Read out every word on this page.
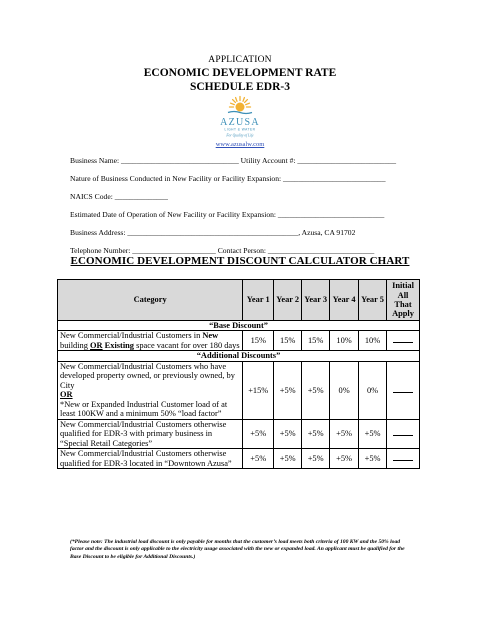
APPLICATION
ECONOMIC DEVELOPMENT RATE
SCHEDULE EDR-3
AZUSA
LIGHT & WATER
For Quality of Life
www.azusalw.com
Business Name: _______________________________ Utility Account #: __________________________
Nature of Business Conducted in New Facility or Facility Expansion: ___________________________
NAICS Code: ______________
Estimated Date of Operation of New Facility or Facility Expansion: ____________________________
Business Address: _____________________________________________, Azusa, CA 91702
Telephone Number: ______________________ Contact Person: ____________________________
ECONOMIC DEVELOPMENT DISCOUNT CALCULATOR CHART
Category	Year 1	Year 2	Year 3	Year 4	Year 5	Initial All That Apply
“Base Discount”						
New Commercial/Industrial Customers in New building OR Existing space vacant for over 180 days	15%	15%	15%	10%	10%	
“Additional Discounts”						
New Commercial/Industrial Customers who have developed property owned, or previously owned, by City
OR
*New or Expanded Industrial Customer load of at least 100KW and a minimum 50% “load factor”	+15%	+5%	+5%	0%	0%	
New Commercial/Industrial Customers otherwise qualified for EDR-3 with primary business in “Special Retail Categories”	+5%	+5%	+5%	+5%	+5%	
New Commercial/Industrial Customers otherwise qualified for EDR-3 located in “Downtown Azusa”	+5%	+5%	+5%	+5%	+5%	
(*Please note: The industrial load discount is only payable for months that the customer’s load meets both criteria of 100 KW and the 50% load factor and the discount is only applicable to the electricity usage associated with the new or expanded load. An applicant must be qualified for the Base Discount to be eligible for Additional Discounts.)
